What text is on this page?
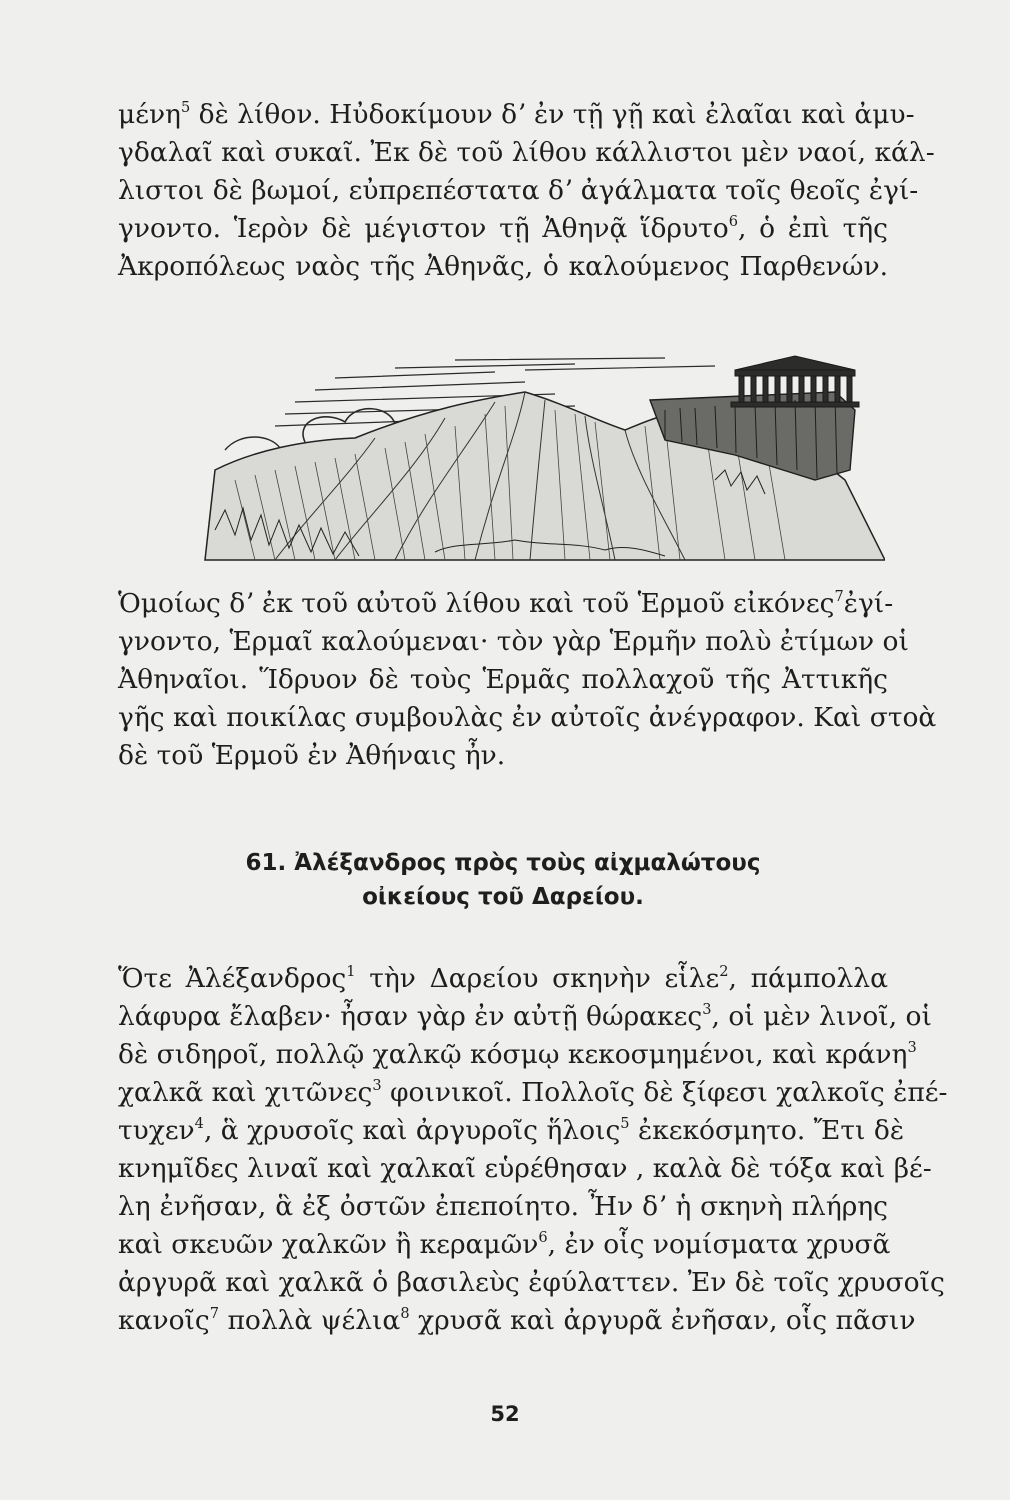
μένη$^5$ δὲ λίθον. Ηὐδοκίμουν δʼ ἐν τῇ γῇ καὶ ἐλαῖαι καὶ ἀμυ-
γδαλαῖ καὶ συκαῖ. Ἐκ δὲ τοῦ λίθου κάλλιστοι μὲν ναοί, κάλ-
λιστοι δὲ βωμοί, εὐπρεπέστατα δʼ ἀγάλματα τοῖς θεοῖς ἐγί-
γνοντο. Ἱερὸν δὲ μέγιστον τῇ Ἀθηνᾷ ἵδρυτο$^6$, ὁ ἐπὶ τῆς
Ἀκροπόλεως ναὸς τῆς Ἀθηνᾶς, ὁ καλούμενος Παρθενών.

Ὁμοίως δʼ ἐκ τοῦ αὐτοῦ λίθου καὶ τοῦ Ἑρμοῦ εἰκόνες$^7$ἐγί-
γνοντο, Ἑρμαῖ καλούμεναι· τὸν γὰρ Ἑρμῆν πολὺ ἐτίμων οἱ
Ἀθηναῖοι. Ἵδρυον δὲ τοὺς Ἑρμᾶς πολλαχοῦ τῆς Ἀττικῆς
γῆς καὶ ποικίλας συμβουλὰς ἐν αὐτοῖς ἀνέγραφον. Καὶ στοὰ
δὲ τοῦ Ἑρμοῦ ἐν Ἀθήναις ἦν.

61. Ἀλέξανδρος πρὸς τοὺς αἰχμαλώτους
οἰκείους τοῦ Δαρείου.

Ὅτε Ἀλέξανδρος$^1$ τὴν Δαρείου σκηνὴν εἷλε$^2$, πάμπολλα
λάφυρα ἔλαβεν· ἦσαν γὰρ ἐν αὐτῇ θώρακες$^3$, οἱ μὲν λινοῖ, οἱ
δὲ σιδηροῖ, πολλῷ χαλκῷ κόσμῳ κεκοσμημένοι, καὶ κράνη$^3$
χαλκᾶ καὶ χιτῶνες$^3$ φοινικοῖ. Πολλοῖς δὲ ξίφεσι χαλκοῖς ἐπέ-
τυχεν$^4$, ἃ χρυσοῖς καὶ ἀργυροῖς ἥλοις$^5$ ἐκεκόσμητο. Ἔτι δὲ
κνημῖδες λιναῖ καὶ χαλκαῖ εὑρέθησαν , καλὰ δὲ τόξα καὶ βέ-
λη ἐνῆσαν, ἃ ἐξ ὀστῶν ἐπεποίητο. Ἦν δʼ ἡ σκηνὴ πλήρης
καὶ σκευῶν χαλκῶν ἢ κεραμῶν$^6$, ἐν οἷς νομίσματα χρυσᾶ
ἀργυρᾶ καὶ χαλκᾶ ὁ βασιλεὺς ἐφύλαττεν. Ἐν δὲ τοῖς χρυσοῖς
κανοῖς$^7$ πολλὰ ψέλια$^8$ χρυσᾶ καὶ ἀργυρᾶ ἐνῆσαν, οἷς πᾶσιν

52
